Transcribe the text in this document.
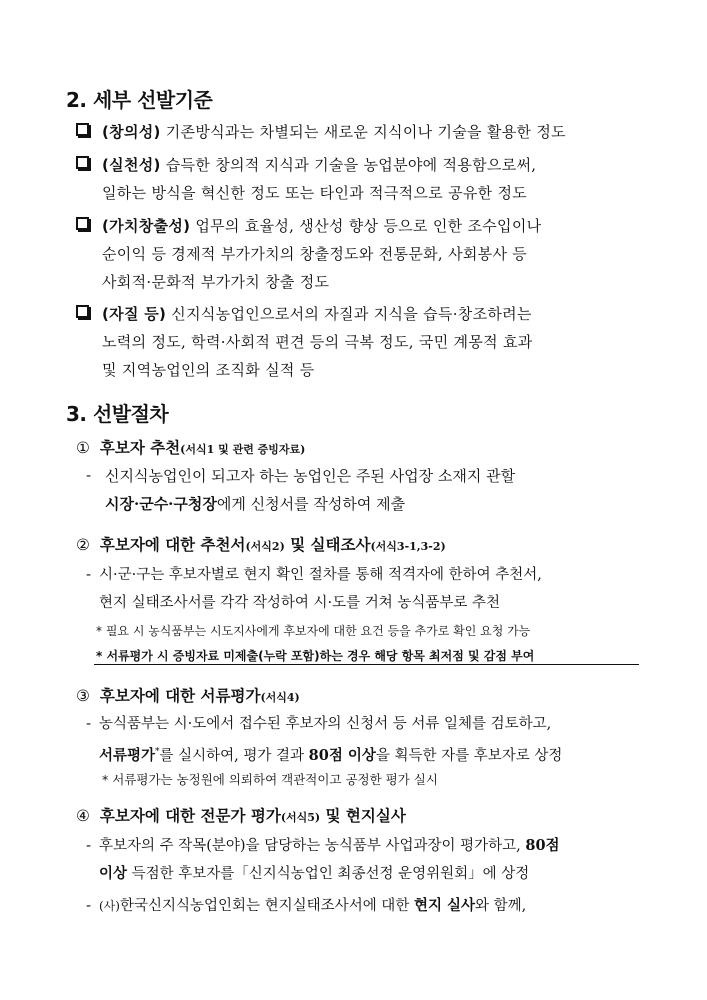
2. 세부 선발기준
(창의성) 기존방식과는 차별되는 새로운 지식이나 기술을 활용한 정도
(실천성) 습득한 창의적 지식과 기술을 농업분야에 적용함으로써,
일하는 방식을 혁신한 정도 또는 타인과 적극적으로 공유한 정도
(가치창출성) 업무의 효율성, 생산성 향상 등으로 인한 조수입이나
순이익 등 경제적 부가가치의 창출정도와 전통문화, 사회봉사 등
사회적·문화적 부가가치 창출 정도
(자질 등) 신지식농업인으로서의 자질과 지식을 습득·창조하려는
노력의 정도, 학력·사회적 편견 등의 극복 정도, 국민 계몽적 효과
및 지역농업인의 조직화 실적 등
3. 선발절차
① 후보자 추천(서식1 및 관련 증빙자료)
- 신지식농업인이 되고자 하는 농업인은 주된 사업장 소재지 관할
시장·군수·구청장에게 신청서를 작성하여 제출
② 후보자에 대한 추천서(서식2) 및 실태조사(서식3-1,3-2)
- 시·군·구는 후보자별로 현지 확인 절차를 통해 적격자에 한하여 추천서,
현지 실태조사서를 각각 작성하여 시·도를 거쳐 농식품부로 추천
* 필요 시 농식품부는 시도지사에게 후보자에 대한 요건 등을 추가로 확인 요청 가능
* 서류평가 시 증빙자료 미제출(누락 포함)하는 경우 해당 항목 최저점 및 감점 부여
③ 후보자에 대한 서류평가(서식4)
- 농식품부는 시·도에서 접수된 후보자의 신청서 등 서류 일체를 검토하고,
서류평가*를 실시하여, 평가 결과 80점 이상을 획득한 자를 후보자로 상정
* 서류평가는 농정원에 의뢰하여 객관적이고 공정한 평가 실시
④ 후보자에 대한 전문가 평가(서식5) 및 현지실사
- 후보자의 주 작목(분야)을 담당하는 농식품부 사업과장이 평가하고, 80점
이상 득점한 후보자를「신지식농업인 최종선정 운영위원회」에 상정
- (사)한국신지식농업인회는 현지실태조사서에 대한 현지 실사와 함께,
